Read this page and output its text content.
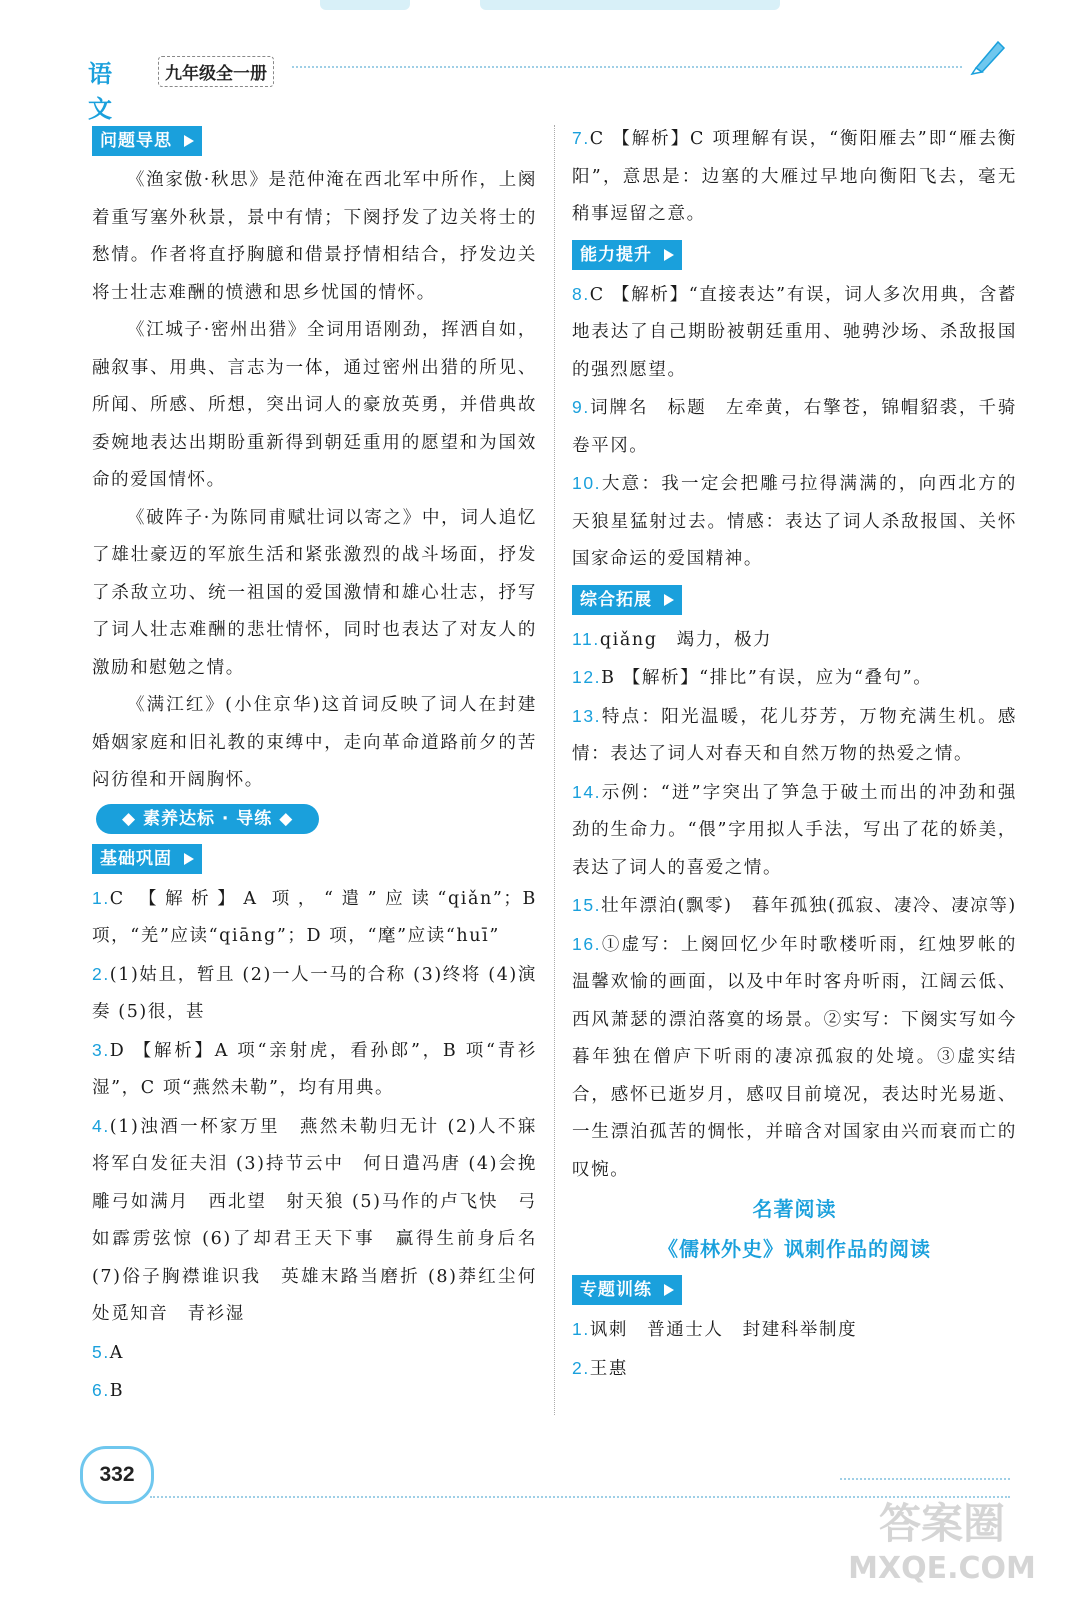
语文
九年级全一册
问题导思

《渔家傲·秋思》是范仲淹在西北军中所作，上阕着重写塞外秋景，景中有情；下阕抒发了边关将士的愁情。作者将直抒胸臆和借景抒情相结合，抒发边关将士壮志难酬的愤懑和思乡忧国的情怀。

《江城子·密州出猎》全词用语刚劲，挥洒自如，融叙事、用典、言志为一体，通过密州出猎的所见、所闻、所感、所想，突出词人的豪放英勇，并借典故委婉地表达出期盼重新得到朝廷重用的愿望和为国效命的爱国情怀。

《破阵子·为陈同甫赋壮词以寄之》中，词人追忆了雄壮豪迈的军旅生活和紧张激烈的战斗场面，抒发了杀敌立功、统一祖国的爱国激情和雄心壮志，抒写了词人壮志难酬的悲壮情怀，同时也表达了对友人的激励和慰勉之情。

《满江红》(小住京华)这首词反映了词人在封建婚姻家庭和旧礼教的束缚中，走向革命道路前夕的苦闷彷徨和开阔胸怀。

◆ 素养达标 · 导练 ◆
基础巩固

1.C 【解析】A 项，“遣”应读“qiǎn”；B 项，“羌”应读“qiāng”；D 项，“麾”应读“huī”

2.(1)姑且，暂且 (2)一人一马的合称 (3)终将 (4)演奏 (5)很，甚

3.D 【解析】A 项“亲射虎，看孙郎”，B 项“青衫湿”，C 项“燕然未勒”，均有用典。

4.(1)浊酒一杯家万里　燕然未勒归无计 (2)人不寐　将军白发征夫泪 (3)持节云中　何日遣冯唐 (4)会挽雕弓如满月　西北望　射天狼 (5)马作的卢飞快　弓如霹雳弦惊 (6)了却君王天下事　赢得生前身后名 (7)俗子胸襟谁识我　英雄末路当磨折 (8)莽红尘何处觅知音　青衫湿

5.A

6.B

7.C 【解析】C 项理解有误，“衡阳雁去”即“雁去衡阳”，意思是：边塞的大雁过早地向衡阳飞去，毫无稍事逗留之意。

能力提升

8.C 【解析】“直接表达”有误，词人多次用典，含蓄地表达了自己期盼被朝廷重用、驰骋沙场、杀敌报国的强烈愿望。

9.词牌名　标题　左牵黄，右擎苍，锦帽貂裘，千骑卷平冈。

10.大意：我一定会把雕弓拉得满满的，向西北方的天狼星猛射过去。情感：表达了词人杀敌报国、关怀国家命运的爱国精神。

综合拓展

11.qiǎng　竭力，极力

12.B 【解析】“排比”有误，应为“叠句”。

13.特点：阳光温暖，花儿芬芳，万物充满生机。感情：表达了词人对春天和自然万物的热爱之情。

14.示例：“迸”字突出了笋急于破土而出的冲劲和强劲的生命力。“偎”字用拟人手法，写出了花的娇美，表达了词人的喜爱之情。

15.壮年漂泊(飘零)　暮年孤独(孤寂、凄冷、凄凉等)

16.①虚写：上阕回忆少年时歌楼听雨，红烛罗帐的温馨欢愉的画面，以及中年时客舟听雨，江阔云低、西风萧瑟的漂泊落寞的场景。②实写：下阕实写如今暮年独在僧庐下听雨的凄凉孤寂的处境。③虚实结合，感怀已逝岁月，感叹目前境况，表达时光易逝、一生漂泊孤苦的惆怅，并暗含对国家由兴而衰而亡的叹惋。

名著阅读
《儒林外史》讽刺作品的阅读
专题训练

1.讽刺　普通士人　封建科举制度

2.王惠

332
答案圈
MXQE.COM
